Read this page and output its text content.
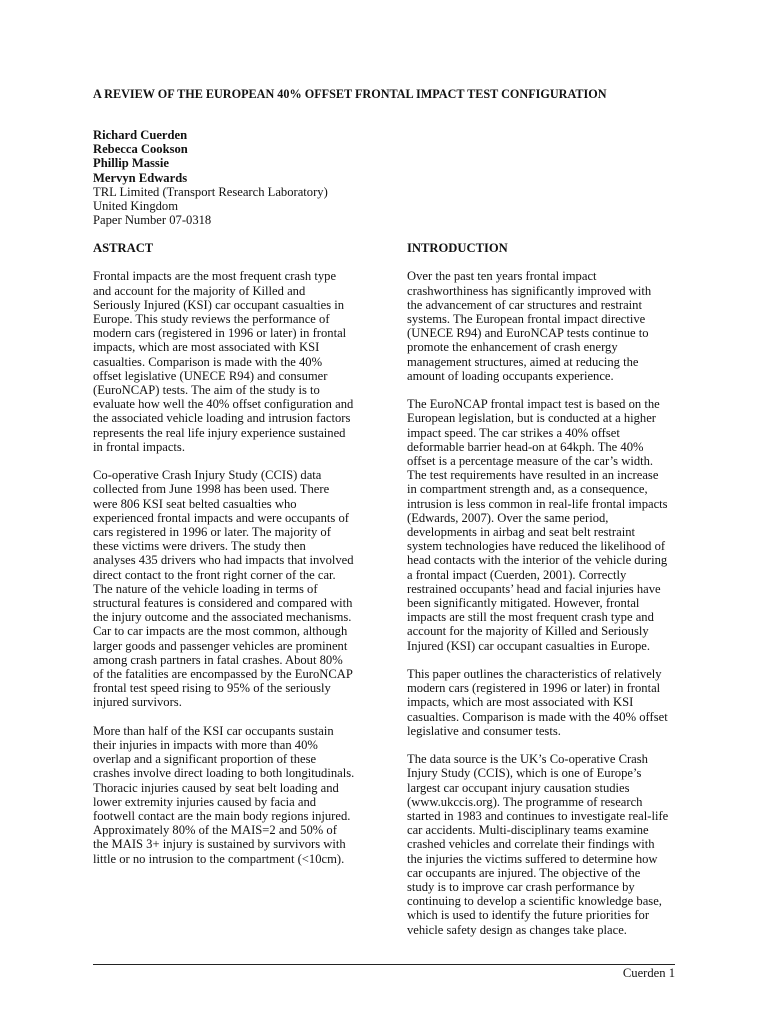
A REVIEW OF THE EUROPEAN 40% OFFSET FRONTAL IMPACT TEST CONFIGURATION
Richard Cuerden
Rebecca Cookson
Phillip Massie
Mervyn Edwards
TRL Limited (Transport Research Laboratory)
United Kingdom
Paper Number 07-0318
ASTRACT
Frontal impacts are the most frequent crash type
and account for the majority of Killed and
Seriously Injured (KSI) car occupant casualties in
Europe. This study reviews the performance of
modern cars (registered in 1996 or later) in frontal
impacts, which are most associated with KSI
casualties. Comparison is made with the 40%
offset legislative (UNECE R94) and consumer
(EuroNCAP) tests. The aim of the study is to
evaluate how well the 40% offset configuration and
the associated vehicle loading and intrusion factors
represents the real life injury experience sustained
in frontal impacts.
Co-operative Crash Injury Study (CCIS) data
collected from June 1998 has been used. There
were 806 KSI seat belted casualties who
experienced frontal impacts and were occupants of
cars registered in 1996 or later. The majority of
these victims were drivers. The study then
analyses 435 drivers who had impacts that involved
direct contact to the front right corner of the car.
The nature of the vehicle loading in terms of
structural features is considered and compared with
the injury outcome and the associated mechanisms.
Car to car impacts are the most common, although
larger goods and passenger vehicles are prominent
among crash partners in fatal crashes. About 80%
of the fatalities are encompassed by the EuroNCAP
frontal test speed rising to 95% of the seriously
injured survivors.
More than half of the KSI car occupants sustain
their injuries in impacts with more than 40%
overlap and a significant proportion of these
crashes involve direct loading to both longitudinals.
Thoracic injuries caused by seat belt loading and
lower extremity injuries caused by facia and
footwell contact are the main body regions injured.
Approximately 80% of the MAIS=2 and 50% of
the MAIS 3+ injury is sustained by survivors with
little or no intrusion to the compartment (<10cm).
INTRODUCTION
Over the past ten years frontal impact
crashworthiness has significantly improved with
the advancement of car structures and restraint
systems. The European frontal impact directive
(UNECE R94) and EuroNCAP tests continue to
promote the enhancement of crash energy
management structures, aimed at reducing the
amount of loading occupants experience.
The EuroNCAP frontal impact test is based on the
European legislation, but is conducted at a higher
impact speed. The car strikes a 40% offset
deformable barrier head-on at 64kph. The 40%
offset is a percentage measure of the car’s width.
The test requirements have resulted in an increase
in compartment strength and, as a consequence,
intrusion is less common in real-life frontal impacts
(Edwards, 2007). Over the same period,
developments in airbag and seat belt restraint
system technologies have reduced the likelihood of
head contacts with the interior of the vehicle during
a frontal impact (Cuerden, 2001). Correctly
restrained occupants’ head and facial injuries have
been significantly mitigated. However, frontal
impacts are still the most frequent crash type and
account for the majority of Killed and Seriously
Injured (KSI) car occupant casualties in Europe.
This paper outlines the characteristics of relatively
modern cars (registered in 1996 or later) in frontal
impacts, which are most associated with KSI
casualties. Comparison is made with the 40% offset
legislative and consumer tests.
The data source is the UK’s Co-operative Crash
Injury Study (CCIS), which is one of Europe’s
largest car occupant injury causation studies
(www.ukccis.org). The programme of research
started in 1983 and continues to investigate real-life
car accidents. Multi-disciplinary teams examine
crashed vehicles and correlate their findings with
the injuries the victims suffered to determine how
car occupants are injured. The objective of the
study is to improve car crash performance by
continuing to develop a scientific knowledge base,
which is used to identify the future priorities for
vehicle safety design as changes take place.
Cuerden 1
